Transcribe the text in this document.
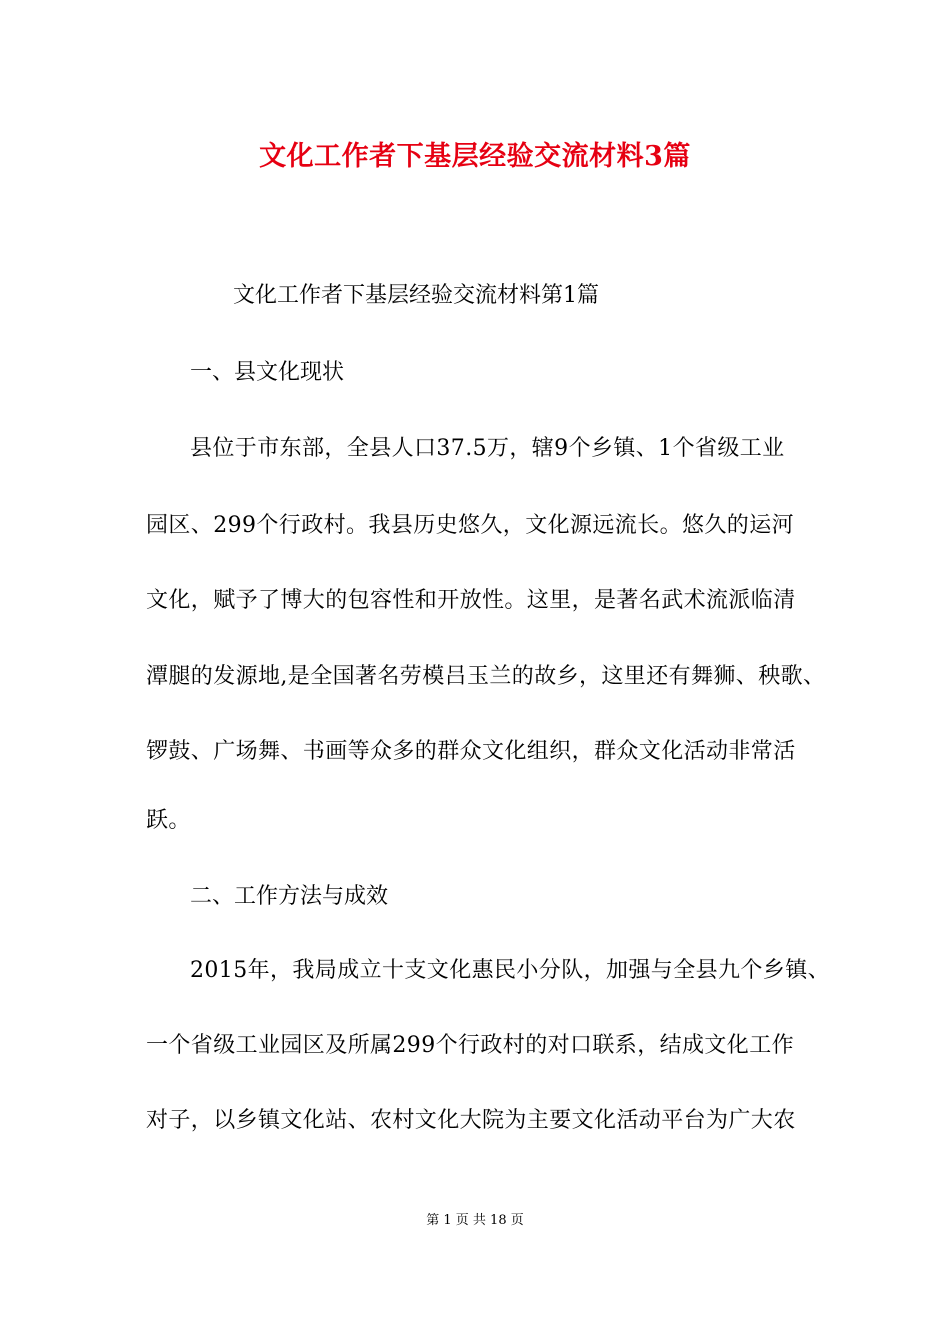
文化工作者下基层经验交流材料3篇
文化工作者下基层经验交流材料第1篇
一、县文化现状
县位于市东部，全县人口37.5万，辖9个乡镇、1个省级工业
园区、299个行政村。我县历史悠久，文化源远流长。悠久的运河
文化，赋予了博大的包容性和开放性。这里，是著名武术流派临清
潭腿的发源地,是全国著名劳模吕玉兰的故乡，这里还有舞狮、秧歌、
锣鼓、广场舞、书画等众多的群众文化组织，群众文化活动非常活
跃。
二、工作方法与成效
2015年，我局成立十支文化惠民小分队，加强与全县九个乡镇、
一个省级工业园区及所属299个行政村的对口联系，结成文化工作
对子，以乡镇文化站、农村文化大院为主要文化活动平台为广大农
第 1 页 共 18 页
